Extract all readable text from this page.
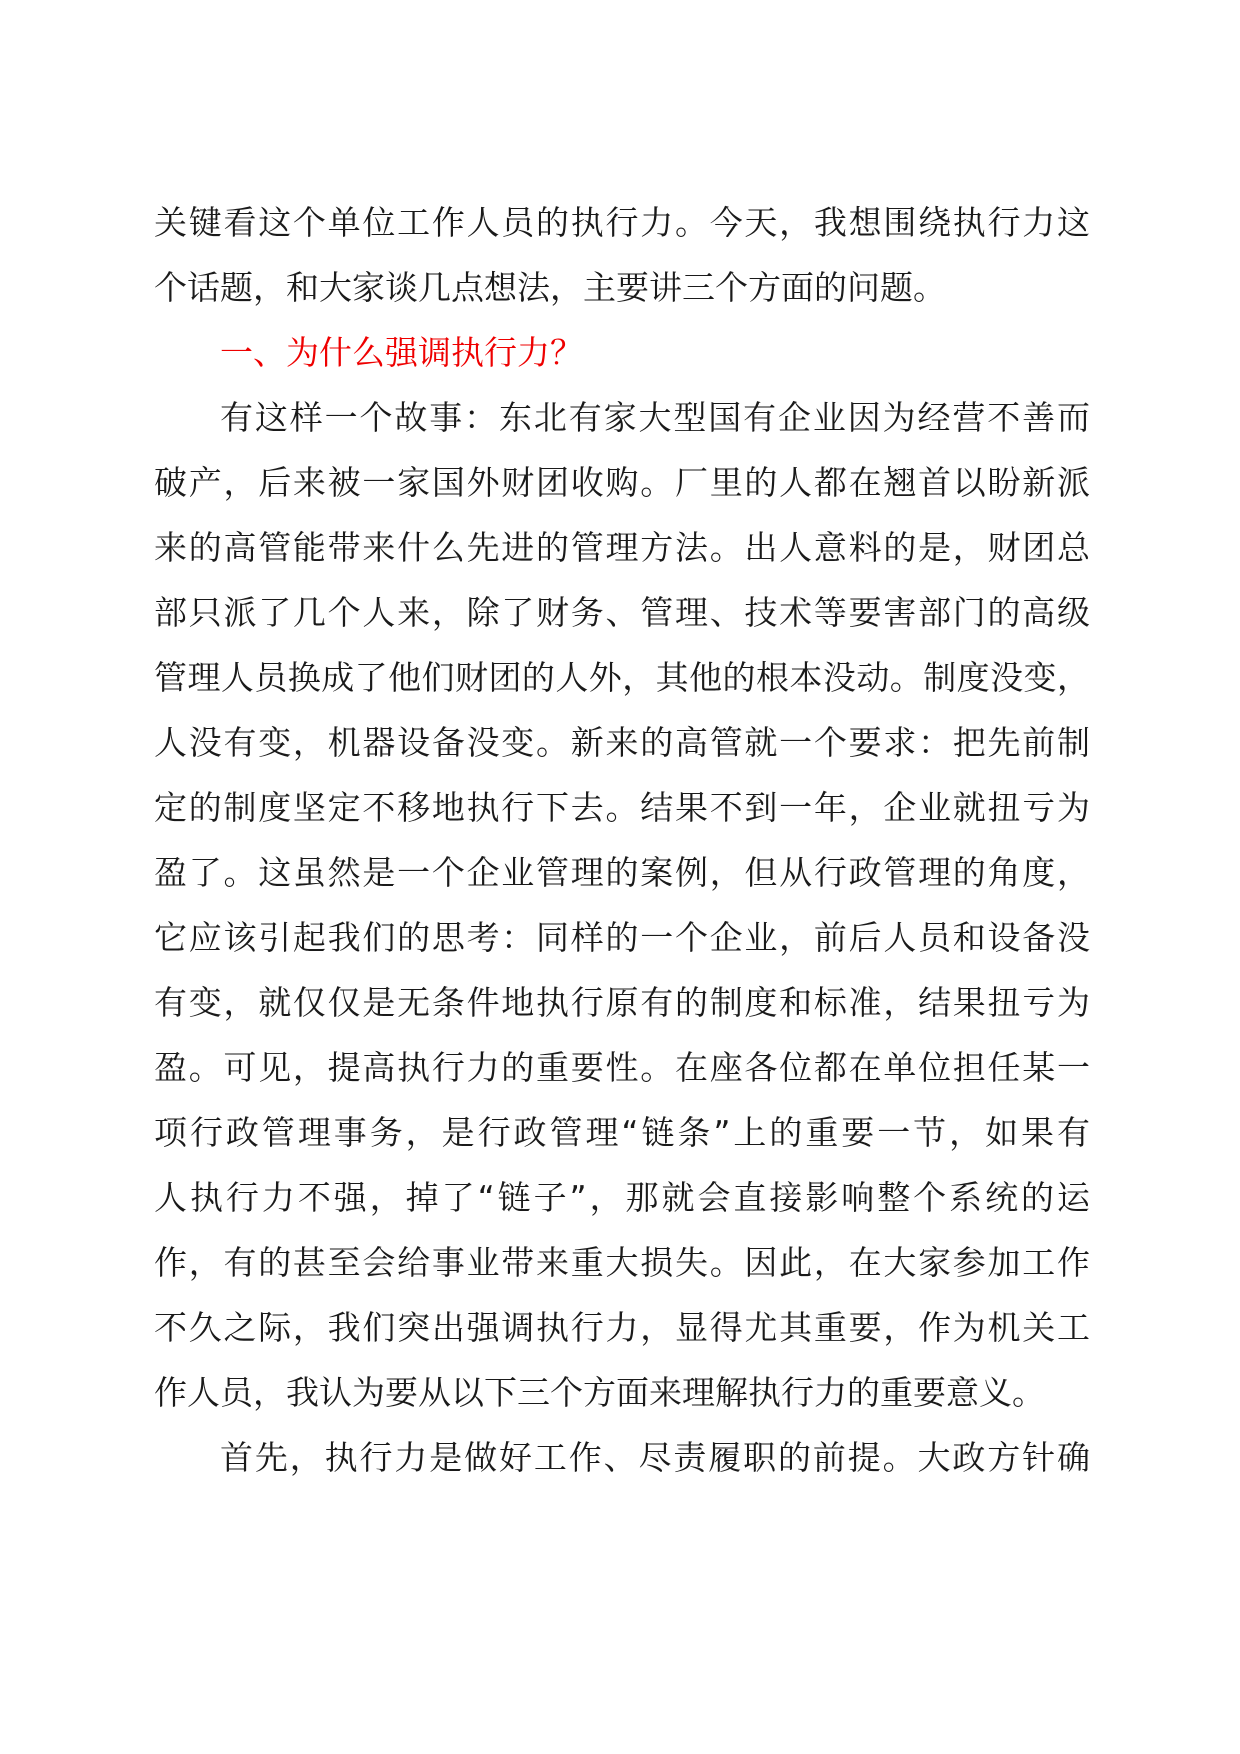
关键看这个单位工作人员的执行力。今天，我想围绕执行力这
个话题，和大家谈几点想法，主要讲三个方面的问题。
一、为什么强调执行力？
有这样一个故事：东北有家大型国有企业因为经营不善而
破产，后来被一家国外财团收购。厂里的人都在翘首以盼新派
来的高管能带来什么先进的管理方法。出人意料的是，财团总
部只派了几个人来，除了财务、管理、技术等要害部门的高级
管理人员换成了他们财团的人外，其他的根本没动。制度没变，
人没有变，机器设备没变。新来的高管就一个要求：把先前制
定的制度坚定不移地执行下去。结果不到一年，企业就扭亏为
盈了。这虽然是一个企业管理的案例，但从行政管理的角度，
它应该引起我们的思考：同样的一个企业，前后人员和设备没
有变，就仅仅是无条件地执行原有的制度和标准，结果扭亏为
盈。可见，提高执行力的重要性。在座各位都在单位担任某一
项行政管理事务，是行政管理“链条”上的重要一节，如果有
人执行力不强，掉了“链子”，那就会直接影响整个系统的运
作，有的甚至会给事业带来重大损失。因此，在大家参加工作
不久之际，我们突出强调执行力，显得尤其重要，作为机关工
作人员，我认为要从以下三个方面来理解执行力的重要意义。
首先，执行力是做好工作、尽责履职的前提。大政方针确
